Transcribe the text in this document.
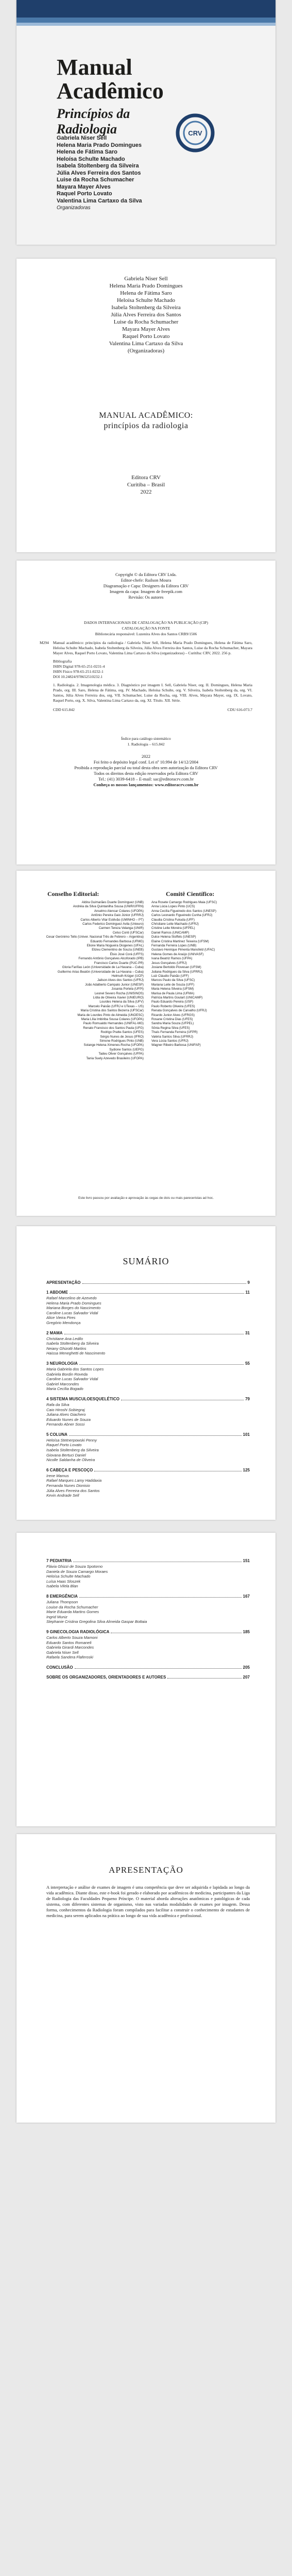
Manual
Acadêmico
Princípios da
Radiologia	CRV
Gabriela Niser Sell
Helena Maria Prado Domingues
Helena de Fátima Saro
Heloísa Schulte Machado
Isabela Stoltenberg da Silveira
Júlia Alves Ferreira dos Santos
Luise da Rocha Schumacher
Mayara Mayer Alves
Raquel Porto Lovato
Valentina Lima Cartaxo da Silva
Organizadoras
Gabriela Niser Sell
Helena Maria Prado Domingues
Helena de Fátima Saro
Heloísa Schulte Machado
Isabela Stoltenberg da Silveira
Júlia Alves Ferreira dos Santos
Luise da Rocha Schumacher
Mayara Mayer Alves
Raquel Porto Lovato
Valentina Lima Cartaxo da Silva
(Organizadoras)
MANUAL ACADÊMICO:
princípios da radiologia
Editora CRV
Curitiba – Brasil
2022
Copyright © da Editora CRV Ltda.
Editor-chefe: Railson Moura
Diagramação e Capa: Designers da Editora CRV
Imagem da capa: Imagem de freepik.com
Revisão: Os autores
DADOS INTERNACIONAIS DE CATALOGAÇÃO NA PUBLICAÇÃO (CIP)
CATALOGAÇÃO NA FONTE
Bibliotecária responsável: Luzenira Alves dos Santos CRB9/1506
M294 Manual acadêmico: princípios da radiologia / Gabriela Niser Sell, Helena Maria Prado Domingues, Helena de Fátima Saro, Heloísa Schulte Machado, Isabela Stoltenberg da Silveira, Júlia Alves Ferreira dos Santos, Luise da Rocha Schumacher, Mayara Mayer Alves, Raquel Porto Lovato, Valentina Lima Cartaxo da Silva (organizadoras) – Curitiba: CRV, 2022. 256 p.
Bibliografia
ISBN Digital 978-65-251-0231-4
ISBN Físico 978-65-251-0232-1
DOI 10.24824/978652510232.1
1. Radiologia. 2. Imagenologia médica. 3. Diagnóstico por imagem I. Sell, Gabriela Niser, org. II. Domingues, Helena Maria Prado, org. III. Saro, Helena de Fátima, org. IV. Machado, Heloísa Schulte, org. V. Silveira, Isabela Stoltenberg da, org. VI. Santos, Júlia Alves Ferreira dos, org. VII. Schumacher, Luise da Rocha, org. VIII. Alves, Mayara Mayer, org. IX. Lovato, Raquel Porto, org. X. Silva, Valentina Lima Cartaxo da, org. XI. Título. XII. Série.
CDD 615.842	CDU 616-073.7
Índice para catálogo sistemático
1. Radiologia – 615.842
2022
Foi feito o depósito legal conf. Lei nº 10.994 de 14/12/2004
Proibida a reprodução parcial ou total desta obra sem autorização da Editora CRV
Todos os direitos desta edição reservados pela Editora CRV
Tel.: (41) 3039-6418 – E-mail: sac@editoracrv.com.br
Conheça os nossos lançamentos: www.editoracrv.com.br
Conselho Editorial:	Comitê Científico:
Aldira Guimarães Duarte Domínguez (UNB)
Andréia da Silva Quintanilha Sousa (UNIR/UFRN)
Anselmo Alencar Colares (UFOPA)
Antônio Pereira Gaio Júnior (UFRRJ)
Carlos Alberto Vilar Estêvão (UMINHO – PT)
Carlos Federico Dominguez Avila (Unieuro)
Carmen Tereza Velanga (UNIR)
Celso Conti (UFSCar)
Cesar Gerónimo Tello (Univer. Nacional Três de Febrero – Argentina)
Eduardo Fernandes Barbosa (UFMG)
Elione Maria Nogueira Diogenes (UFAL)
Elizeu Clementino de Souza (UNEB)
Élsio José Corá (UFFS)
Fernando Antônio Gonçalves Alcoforado (IPB)
Francisco Carlos Duarte (PUC-PR)
Gloria Fariñas León (Universidade de La Havana – Cuba)
Guillermo Arias Beatón (Universidade de La Havana – Cuba)
Helmuth Krüger (UCP)
Jailson Alves dos Santos (UFRJ)
João Adalberto Campato Junior (UNESP)
Josania Portela (UFPI)
Leonel Severo Rocha (UNISINOS)
Lídia de Oliveira Xavier (UNIEURO)
Lourdes Helena da Silva (UFV)
Marcelo Paixão (UFRJ e UTexas – US)
Maria Cristina dos Santos Bezerra (UFSCar)
Maria de Lourdes Pinto de Almeida (UNOESC)
Maria Lília Imbiriba Sousa Colares (UFOPA)
Paulo Romualdo Hernandes (UNIFAL-MG)
Renato Francisco dos Santos Paula (UFG)
Rodrigo Pratte-Santos (UFES)
Sérgio Nunes de Jesus (IFRO)
Simone Rodrigues Pinto (UNB)
Solange Helena Ximenes-Rocha (UFOPA)
Sydione Santos (UEPG)
Tadeu Oliver Gonçalves (UFPA)
Tania Suely Azevedo Brasileiro (UFOPA)
Ana Rosete Camargo Rodrigues Maia (UFSC)
Anna Lúcia Lopes Pinto (UCS)
Anna Cecília Figueiredo dos Santos (UNESP)
Carlos Leonardo Figueiredo Cunha (UFRJ)
Claudia Cristina Fukuda (UFF)
Christiane Leite Machado (UFRJ)
Cristine Leite Moreira (UFPEL)
Daniel Ramos (UNICAMP)
Dulce Helena Stoffels (UNESP)
Elaine Cristina Martinez Teixeira (UFSM)
Fernanda Ferreira Lopes (UNB)
Gustavo Henrique Pimenta Mansfeld (UFAC)
Helena Gomes de Araújo (UNIVASF)
Ivana Beatriz Ramos (UFPA)
Jesus Gonçalves (UFRJ)
Josiane Bertoldo Piovesan (UFSM)
Juliana Rodrigues da Silva (UFRRJ)
Luiz Cláudio Paixão (UFF)
Marcos Paulo da Silva (UFSC)
Mariana Leite de Souza (UFF)
Maria Helena Silveira (UFSM)
Marisa de Paula Lima (UFMA)
Patrícia Martins Goulart (UNICAMP)
Paulo Eduardo Pereira (USP)
Paulo Roberto Oliveira (UFES)
Renata Gonçalves de Carvalho (UFRJ)
Ricardo Junior Alves (UFRGS)
Rosane Cristina Dias (UFES)
Sandra Maria Souza (UFPEL)
Sônia Regina Silva (UFES)
Thaís Fernanda Ferreira (UFPR)
Valéria Santos Silva (UFRRJ)
Vera Lúcia Santos (UFRJ)
Wagner Ribeiro Barbosa (UNIFAP)
Este livro passou por avaliação e aprovação às cegas de dois ou mais pareceristas ad hoc.
SUMÁRIO
APRESENTAÇÃO	9
1 ABDOME	11
Rafael Marcelino de Azevedo
Helena Maria Prado Domingues
Mariana Borges do Nascimento
Caroline Lucas Salvador Vidal
Alice Vieira Pires
Gregório Mendonça
2 MAMA	31
Christiane Ana Ledilo
Isabela Stoltenberg da Silveira
Neiany Ghizotti Martins
Haissa Meneghetti de Nascimento
3 NEUROLOGIA	55
Maria Gabriela dos Santos Lopes
Gabriela Bordin Roveda
Caroline Lucas Salvador Vidal
Gabriel Marcondes
Maria Cecília Bogado
4 SISTEMA MUSCULOESQUELÉTICO	79
Rafa da Silva
Caio Hiroshi Sobiegraj
Juliana Alves Giachero
Eduardo Nunes de Souza
Fernando Abner Sossi
5 COLUNA	101
Heloísa Stetnerpowski Penny
Raquel Porto Lovato
Isabela Stoltenberg da Silveira
Giovana Bertuci Daniel
Nicolle Saldanha de Oliveira
6 CABEÇA E PESCOÇO	125
Irene Mamus
Rafael Marques Lamy Haddaxia
Fernanda Nunes Dionisio
Júlia Alves Ferreira dos Santos
Kevin Andrade Sell
7 PEDIATRIA	151
Flávia Ghizzi de Souza Spotorno
Daniela de Souza Camargo Moraes
Heloísa Schulte Machado
Luísa Haas Sloszek
Isabela Vilela Blan
8 EMERGÊNCIA	167
Juliana Thompson
Louise da Rocha Schumacher
Marie Eduarda Martins Gomes
Ingrid Muniz
Stephanie Cristina Gregolina Silva Almeida Gaspar Bottaia
9 GINECOLOGIA RADIOLÓGICA	185
Carlos Alberto Souza Mamoni
Eduardo Santos Romaneli
Gabriela Girardi Marcondes
Gabriela Niser Sell
Rafaela Sandera Flaferoski
CONCLUSÃO	205
SOBRE OS ORGANIZADORES, ORIENTADORES E AUTORES	207
APRESENTAÇÃO
A interpretação e análise de exames de imagem é uma competência que deve ser adquirida e lapidada ao longo da vida acadêmica. Diante disso, este e-book foi gerado e elaborado por acadêmicos de medicina, participantes da Liga de Radiologia das Faculdades Pequeno Príncipe. O material aborda alterações anatômicas e patológicas de cada sistema, com diferentes sistemas de organismo, visto nas variadas modalidades de exames por imagem. Dessa forma, conhecimentos da Radiologia foram compilados para facilitar a construir o conhecimento de estudantes de medicina, para serem aplicados na prática ao longo de sua vida acadêmica e profissional.
